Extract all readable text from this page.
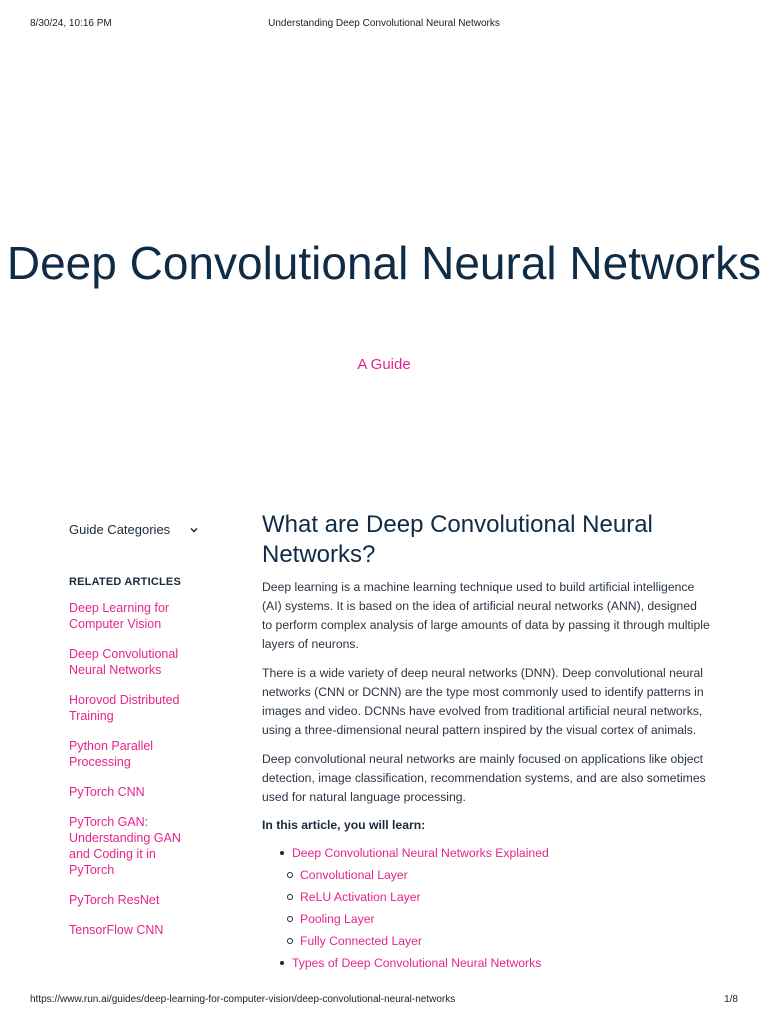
8/30/24, 10:16 PM	Understanding Deep Convolutional Neural Networks
Deep Convolutional Neural Networks
A Guide
Guide Categories
RELATED ARTICLES
Deep Learning for Computer Vision
Deep Convolutional Neural Networks
Horovod Distributed Training
Python Parallel Processing
PyTorch CNN
PyTorch GAN: Understanding GAN and Coding it in PyTorch
PyTorch ResNet
TensorFlow CNN
What are Deep Convolutional Neural Networks?

Deep learning is a machine learning technique used to build artificial intelligence (AI) systems. It is based on the idea of artificial neural networks (ANN), designed to perform complex analysis of large amounts of data by passing it through multiple layers of neurons.

There is a wide variety of deep neural networks (DNN). Deep convolutional neural networks (CNN or DCNN) are the type most commonly used to identify patterns in images and video. DCNNs have evolved from traditional artificial neural networks, using a three-dimensional neural pattern inspired by the visual cortex of animals.

Deep convolutional neural networks are mainly focused on applications like object detection, image classification, recommendation systems, and are also sometimes used for natural language processing.

In this article, you will learn:
Deep Convolutional Neural Networks Explained
Convolutional Layer
ReLU Activation Layer
Pooling Layer
Fully Connected Layer
Types of Deep Convolutional Neural Networks
https://www.run.ai/guides/deep-learning-for-computer-vision/deep-convolutional-neural-networks	1/8
